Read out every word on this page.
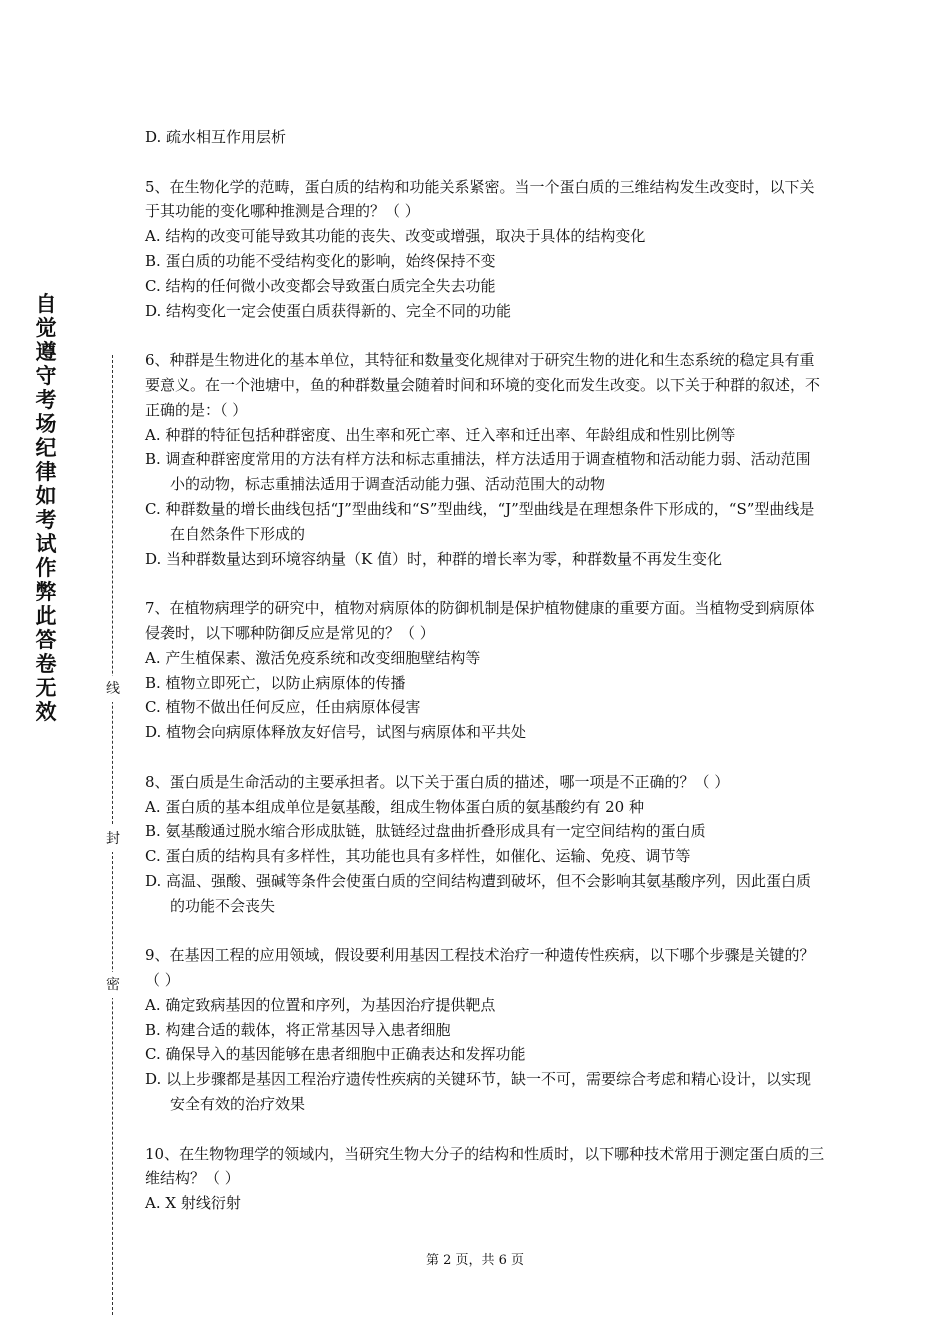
自觉遵守考场纪律如考试作弊此答卷无效
线
封
密

D. 疏水相互作用层析

5、在生物化学的范畴，蛋白质的结构和功能关系紧密。当一个蛋白质的三维结构发生改变时，以下关于其功能的变化哪种推测是合理的？（ ）

A. 结构的改变可能导致其功能的丧失、改变或增强，取决于具体的结构变化

B. 蛋白质的功能不受结构变化的影响，始终保持不变

C. 结构的任何微小改变都会导致蛋白质完全失去功能

D. 结构变化一定会使蛋白质获得新的、完全不同的功能

6、种群是生物进化的基本单位，其特征和数量变化规律对于研究生物的进化和生态系统的稳定具有重要意义。在一个池塘中，鱼的种群数量会随着时间和环境的变化而发生改变。以下关于种群的叙述，不正确的是：（ ）

A. 种群的特征包括种群密度、出生率和死亡率、迁入率和迁出率、年龄组成和性别比例等

B. 调查种群密度常用的方法有样方法和标志重捕法，样方法适用于调查植物和活动能力弱、活动范围小的动物，标志重捕法适用于调查活动能力强、活动范围大的动物

C. 种群数量的增长曲线包括“J”型曲线和“S”型曲线，“J”型曲线是在理想条件下形成的，“S”型曲线是在自然条件下形成的

D. 当种群数量达到环境容纳量（K 值）时，种群的增长率为零，种群数量不再发生变化

7、在植物病理学的研究中，植物对病原体的防御机制是保护植物健康的重要方面。当植物受到病原体侵袭时，以下哪种防御反应是常见的？（ ）

A. 产生植保素、激活免疫系统和改变细胞壁结构等

B. 植物立即死亡，以防止病原体的传播

C. 植物不做出任何反应，任由病原体侵害

D. 植物会向病原体释放友好信号，试图与病原体和平共处

8、蛋白质是生命活动的主要承担者。以下关于蛋白质的描述，哪一项是不正确的？（ ）

A. 蛋白质的基本组成单位是氨基酸，组成生物体蛋白质的氨基酸约有 20 种

B. 氨基酸通过脱水缩合形成肽链，肽链经过盘曲折叠形成具有一定空间结构的蛋白质

C. 蛋白质的结构具有多样性，其功能也具有多样性，如催化、运输、免疫、调节等

D. 高温、强酸、强碱等条件会使蛋白质的空间结构遭到破坏，但不会影响其氨基酸序列，因此蛋白质的功能不会丧失

9、在基因工程的应用领域，假设要利用基因工程技术治疗一种遗传性疾病，以下哪个步骤是关键的？（ ）

A. 确定致病基因的位置和序列，为基因治疗提供靶点

B. 构建合适的载体，将正常基因导入患者细胞

C. 确保导入的基因能够在患者细胞中正确表达和发挥功能

D. 以上步骤都是基因工程治疗遗传性疾病的关键环节，缺一不可，需要综合考虑和精心设计，以实现安全有效的治疗效果

10、在生物物理学的领域内，当研究生物大分子的结构和性质时，以下哪种技术常用于测定蛋白质的三维结构？（ ）

A. X 射线衍射

第 2 页，共 6 页
